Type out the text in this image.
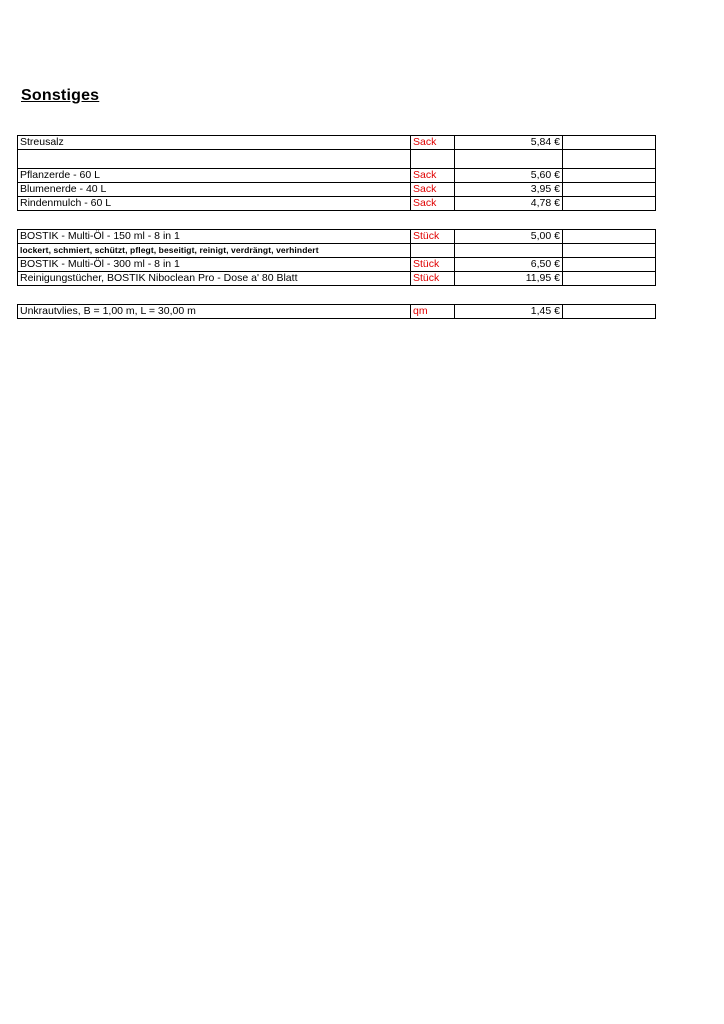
Sonstiges
Streusalz	Sack	5,84 €	

Pflanzerde - 60 L	Sack	5,60 €	
Blumenerde - 40 L	Sack	3,95 €	
Rindenmulch - 60 L	Sack	4,78 €	
BOSTIK - Multi-Öl - 150 ml - 8 in 1	Stück	5,00 €	
lockert, schmiert, schützt, pflegt, beseitigt, reinigt, verdrängt, verhindert			
BOSTIK - Multi-Öl - 300 ml - 8 in 1	Stück	6,50 €	
Reinigungstücher, BOSTIK Niboclean Pro - Dose a' 80 Blatt	Stück	11,95 €	
Unkrautvlies, B = 1,00 m, L = 30,00 m	qm	1,45 €	
